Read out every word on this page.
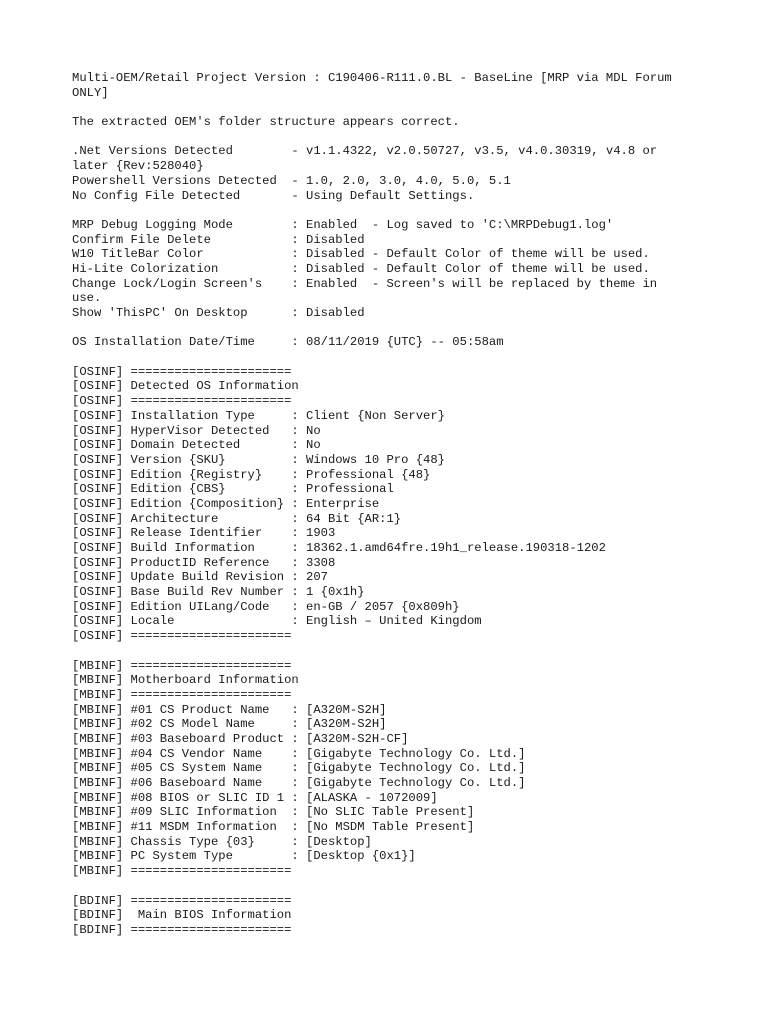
Multi-OEM/Retail Project Version : C190406-R111.0.BL - BaseLine [MRP via MDL Forum
ONLY]
The extracted OEM's folder structure appears correct.
.Net Versions Detected        - v1.1.4322, v2.0.50727, v3.5, v4.0.30319, v4.8 or
later {Rev:528040}
Powershell Versions Detected  - 1.0, 2.0, 3.0, 4.0, 5.0, 5.1
No Config File Detected       - Using Default Settings.
MRP Debug Logging Mode        : Enabled  - Log saved to 'C:\MRPDebug1.log'
Confirm File Delete           : Disabled
W10 TitleBar Color            : Disabled - Default Color of theme will be used.
Hi-Lite Colorization          : Disabled - Default Color of theme will be used.
Change Lock/Login Screen's    : Enabled  - Screen's will be replaced by theme in
use.
Show 'ThisPC' On Desktop      : Disabled
OS Installation Date/Time     : 08/11/2019 {UTC} -- 05:58am
[OSINF] ======================
[OSINF] Detected OS Information
[OSINF] ======================
[OSINF] Installation Type     : Client {Non Server}
[OSINF] HyperVisor Detected   : No
[OSINF] Domain Detected       : No
[OSINF] Version {SKU}         : Windows 10 Pro {48}
[OSINF] Edition {Registry}    : Professional {48}
[OSINF] Edition {CBS}         : Professional
[OSINF] Edition {Composition} : Enterprise
[OSINF] Architecture          : 64 Bit {AR:1}
[OSINF] Release Identifier    : 1903
[OSINF] Build Information     : 18362.1.amd64fre.19h1_release.190318-1202
[OSINF] ProductID Reference   : 3308
[OSINF] Update Build Revision : 207
[OSINF] Base Build Rev Number : 1 {0x1h}
[OSINF] Edition UILang/Code   : en-GB / 2057 {0x809h}
[OSINF] Locale                : English – United Kingdom
[OSINF] ======================
[MBINF] ======================
[MBINF] Motherboard Information
[MBINF] ======================
[MBINF] #01 CS Product Name   : [A320M-S2H]
[MBINF] #02 CS Model Name     : [A320M-S2H]
[MBINF] #03 Baseboard Product : [A320M-S2H-CF]
[MBINF] #04 CS Vendor Name    : [Gigabyte Technology Co. Ltd.]
[MBINF] #05 CS System Name    : [Gigabyte Technology Co. Ltd.]
[MBINF] #06 Baseboard Name    : [Gigabyte Technology Co. Ltd.]
[MBINF] #08 BIOS or SLIC ID 1 : [ALASKA - 1072009]
[MBINF] #09 SLIC Information  : [No SLIC Table Present]
[MBINF] #11 MSDM Information  : [No MSDM Table Present]
[MBINF] Chassis Type {03}     : [Desktop]
[MBINF] PC System Type        : [Desktop {0x1}]
[MBINF] ======================
[BDINF] ======================
[BDINF]  Main BIOS Information
[BDINF] ======================
